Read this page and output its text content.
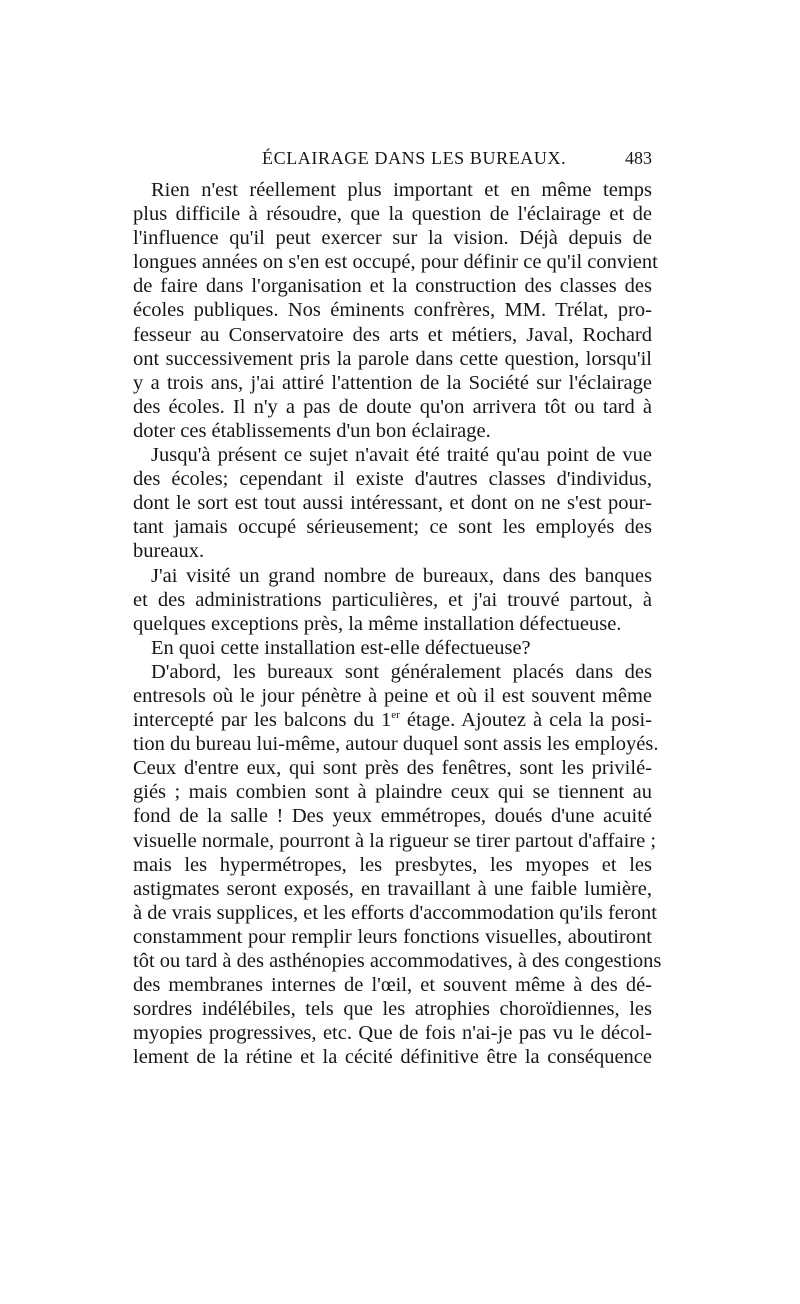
ÉCLAIRAGE DANS LES BUREAUX.	483
Rien n'est réellement plus important et en même temps
plus difficile à résoudre, que la question de l'éclairage et de
l'influence qu'il peut exercer sur la vision. Déjà depuis de
longues années on s'en est occupé, pour définir ce qu'il convient
de faire dans l'organisation et la construction des classes des
écoles publiques. Nos éminents confrères, MM. Trélat, pro-
fesseur au Conservatoire des arts et métiers, Javal, Rochard
ont successivement pris la parole dans cette question, lorsqu'il
y a trois ans, j'ai attiré l'attention de la Société sur l'éclairage
des écoles. Il n'y a pas de doute qu'on arrivera tôt ou tard à
doter ces établissements d'un bon éclairage.
Jusqu'à présent ce sujet n'avait été traité qu'au point de vue
des écoles; cependant il existe d'autres classes d'individus,
dont le sort est tout aussi intéressant, et dont on ne s'est pour-
tant jamais occupé sérieusement; ce sont les employés des
bureaux.
J'ai visité un grand nombre de bureaux, dans des banques
et des administrations particulières, et j'ai trouvé partout, à
quelques exceptions près, la même installation défectueuse.
En quoi cette installation est-elle défectueuse?
D'abord, les bureaux sont généralement placés dans des
entresols où le jour pénètre à peine et où il est souvent même
intercepté par les balcons du 1er étage. Ajoutez à cela la posi-
tion du bureau lui-même, autour duquel sont assis les employés.
Ceux d'entre eux, qui sont près des fenêtres, sont les privilé-
giés ; mais combien sont à plaindre ceux qui se tiennent au
fond de la salle ! Des yeux emmétropes, doués d'une acuité
visuelle normale, pourront à la rigueur se tirer partout d'affaire ;
mais les hypermétropes, les presbytes, les myopes et les
astigmates seront exposés, en travaillant à une faible lumière,
à de vrais supplices, et les efforts d'accommodation qu'ils feront
constamment pour remplir leurs fonctions visuelles, aboutiront
tôt ou tard à des asthénopies accommodatives, à des congestions
des membranes internes de l'œil, et souvent même à des dé-
sordres indélébiles, tels que les atrophies choroïdiennes, les
myopies progressives, etc. Que de fois n'ai-je pas vu le décol-
lement de la rétine et la cécité définitive être la conséquence
